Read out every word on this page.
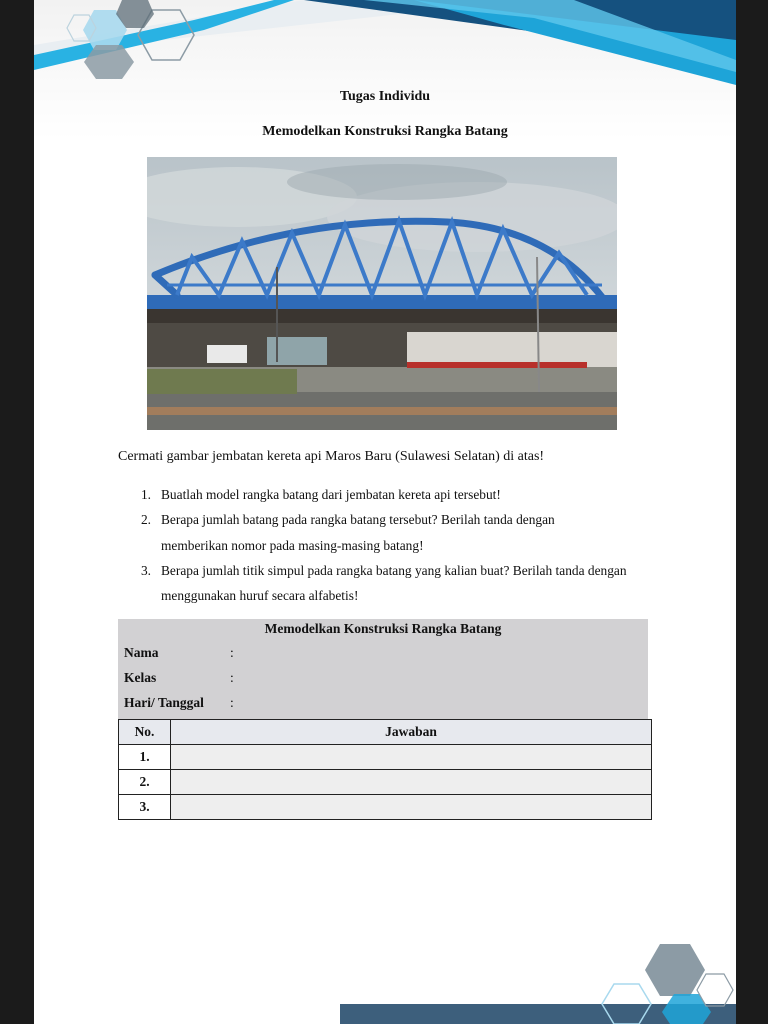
Tugas Individu
Memodelkan Konstruksi Rangka Batang
Cermati gambar jembatan kereta api Maros Baru (Sulawesi Selatan) di atas!
1. Buatlah model rangka batang dari jembatan kereta api tersebut!
2. Berapa jumlah batang pada rangka batang tersebut? Berilah tanda dengan memberikan nomor pada masing-masing batang!
3. Berapa jumlah titik simpul pada rangka batang yang kalian buat? Berilah tanda dengan menggunakan huruf secara alfabetis!
Memodelkan Konstruksi Rangka Batang
Nama	:
Kelas	:
Hari/ Tanggal :
No.	Jawaban
1.	
2.	
3.	
